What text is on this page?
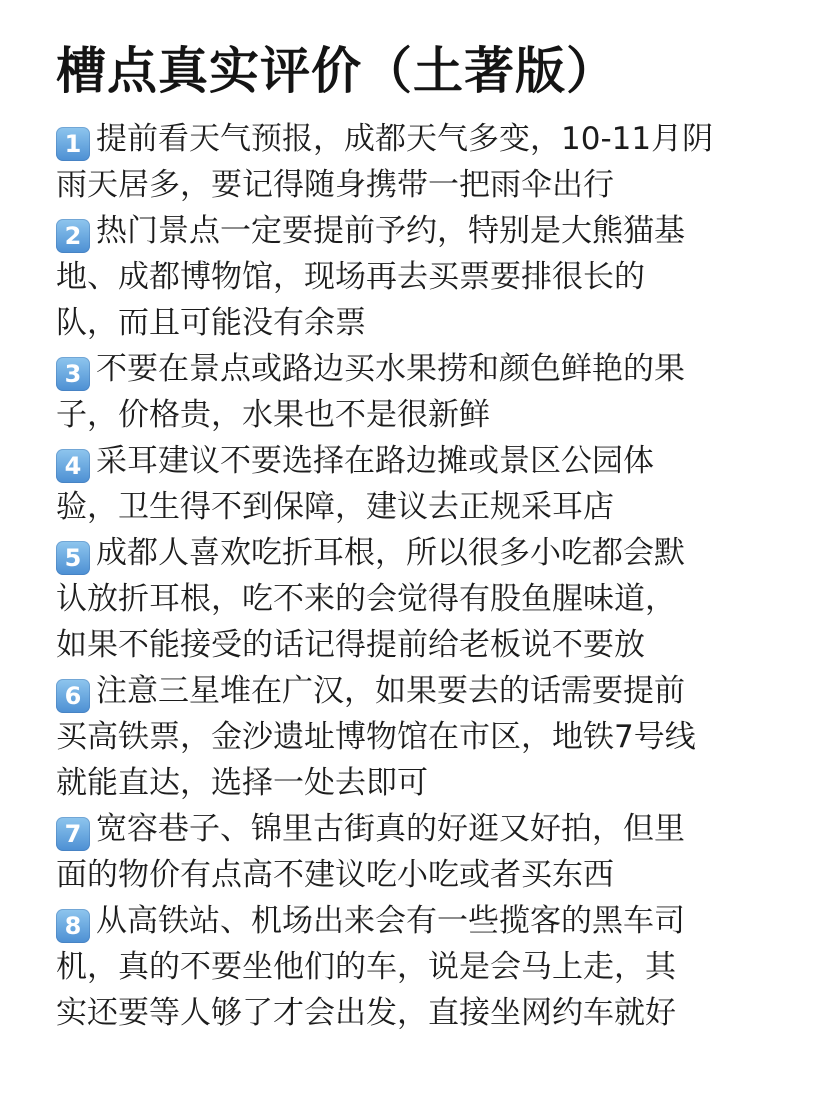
槽点真实评价（土著版）
1 提前看天气预报，成都天气多变，10-11月阴
雨天居多，要记得随身携带一把雨伞出行
2 热门景点一定要提前予约，特别是大熊猫基
地、成都博物馆，现场再去买票要排很长的
队，而且可能没有余票
3 不要在景点或路边买水果捞和颜色鲜艳的果
子，价格贵，水果也不是很新鲜
4 采耳建议不要选择在路边摊或景区公园体
验，卫生得不到保障，建议去正规采耳店
5 成都人喜欢吃折耳根，所以很多小吃都会默
认放折耳根，吃不来的会觉得有股鱼腥味道，
如果不能接受的话记得提前给老板说不要放
6 注意三星堆在广汉，如果要去的话需要提前
买高铁票，金沙遗址博物馆在市区，地铁7号线
就能直达，选择一处去即可
7 宽容巷子、锦里古街真的好逛又好拍，但里
面的物价有点高不建议吃小吃或者买东西
8 从高铁站、机场出来会有一些揽客的黑车司
机，真的不要坐他们的车，说是会马上走，其
实还要等人够了才会出发，直接坐网约车就好
